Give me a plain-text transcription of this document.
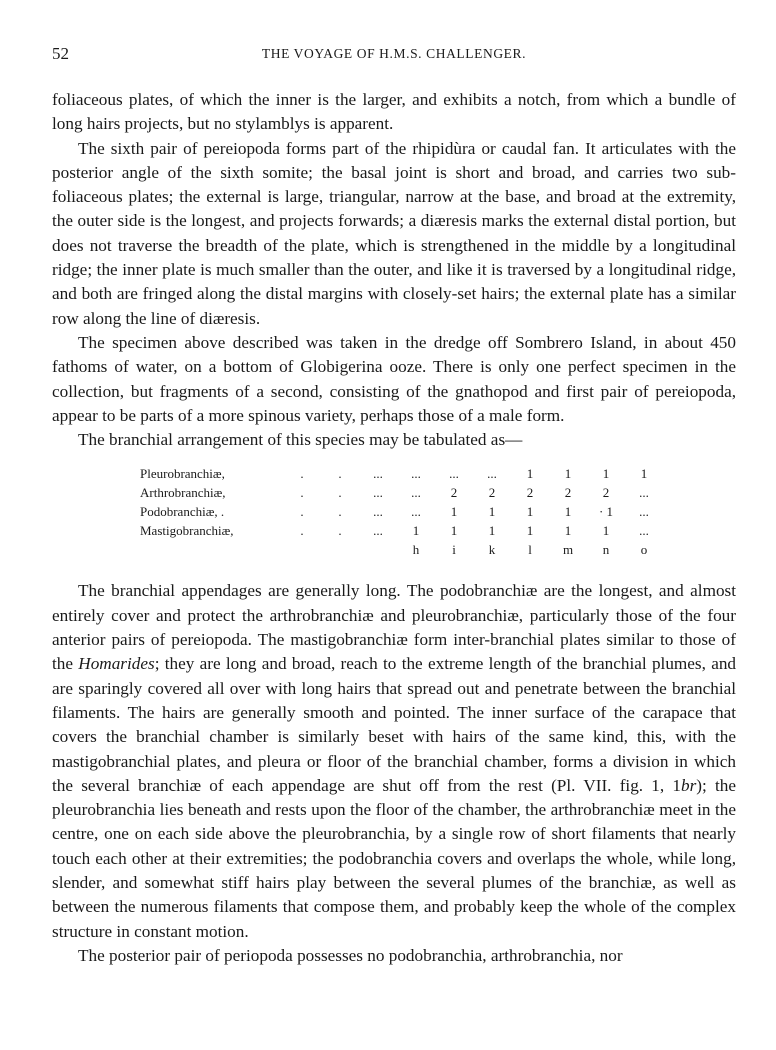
52	THE VOYAGE OF H.M.S. CHALLENGER.

foliaceous plates, of which the inner is the larger, and exhibits a notch, from which a bundle of long hairs projects, but no stylamblys is apparent.

The sixth pair of pereiopoda forms part of the rhipidùra or caudal fan. It articulates with the posterior angle of the sixth somite; the basal joint is short and broad, and carries two sub-foliaceous plates; the external is large, triangular, narrow at the base, and broad at the extremity, the outer side is the longest, and projects forwards; a diæresis marks the external distal portion, but does not traverse the breadth of the plate, which is strengthened in the middle by a longitudinal ridge; the inner plate is much smaller than the outer, and like it is traversed by a longitudinal ridge, and both are fringed along the distal margins with closely-set hairs; the external plate has a similar row along the line of diæresis.

The specimen above described was taken in the dredge off Sombrero Island, in about 450 fathoms of water, on a bottom of Globigerina ooze. There is only one perfect specimen in the collection, but fragments of a second, consisting of the gnathopod and first pair of pereiopoda, appear to be parts of a more spinous variety, perhaps those of a male form.

The branchial arrangement of this species may be tabulated as—

Pleurobranchiæ,	.	.	...	...	...	...	1	1	1	1
Arthrobranchiæ,	.	.	...	...	2	2	2	2	2	...
Podobranchiæ, .	.	.	...	...	1	1	1	1	· 1	...
Mastigobranchiæ,	.	.	...	1	1	1	1	1	1	...
				h	i	k	l	m	n	o

The branchial appendages are generally long. The podobranchiæ are the longest, and almost entirely cover and protect the arthrobranchiæ and pleurobranchiæ, particularly those of the four anterior pairs of pereiopoda. The mastigobranchiæ form inter-branchial plates similar to those of the Homarides; they are long and broad, reach to the extreme length of the branchial plumes, and are sparingly covered all over with long hairs that spread out and penetrate between the branchial filaments. The hairs are generally smooth and pointed. The inner surface of the carapace that covers the branchial chamber is similarly beset with hairs of the same kind, this, with the mastigobranchial plates, and pleura or floor of the branchial chamber, forms a division in which the several branchiæ of each appendage are shut off from the rest (Pl. VII. fig. 1, 1br); the pleurobranchia lies beneath and rests upon the floor of the chamber, the arthrobranchiæ meet in the centre, one on each side above the pleurobranchia, by a single row of short filaments that nearly touch each other at their extremities; the podobranchia covers and overlaps the whole, while long, slender, and somewhat stiff hairs play between the several plumes of the branchiæ, as well as between the numerous filaments that compose them, and probably keep the whole of the complex structure in constant motion.

The posterior pair of periopoda possesses no podobranchia, arthrobranchia, nor
